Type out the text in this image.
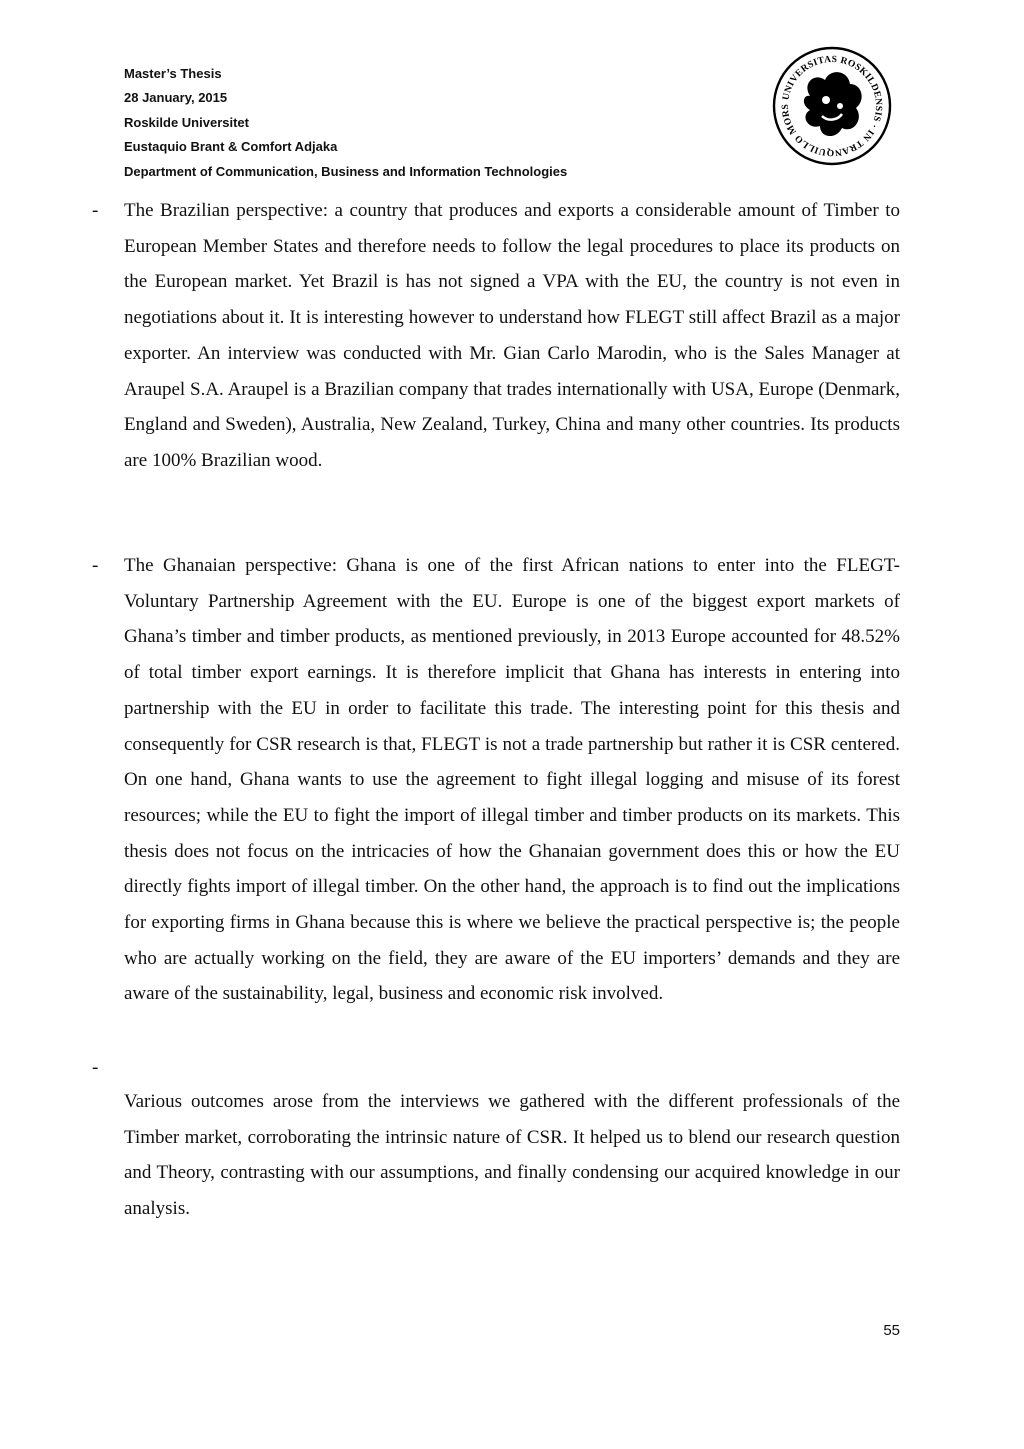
Master’s Thesis
28 January, 2015
Roskilde Universitet
Eustaquio Brant & Comfort Adjaka
Department of Communication, Business and Information Technologies
UNIVERSITAS ROSKILDENSIS · IN TRANQUILLO MORS
- The Brazilian perspective: a country that produces and exports a considerable amount of Timber to European Member States and therefore needs to follow the legal procedures to place its products on the European market. Yet Brazil is has not signed a VPA with the EU, the country is not even in negotiations about it. It is interesting however to understand how FLEGT still affect Brazil as a major exporter. An interview was conducted with Mr. Gian Carlo Marodin, who is the Sales Manager at Araupel S.A. Araupel is a Brazilian company that trades internationally with USA, Europe (Denmark, England and Sweden), Australia, New Zealand, Turkey, China and many other countries. Its products are 100% Brazilian wood.

- The Ghanaian perspective: Ghana is one of the first African nations to enter into the FLEGT-Voluntary Partnership Agreement with the EU. Europe is one of the biggest export markets of Ghana’s timber and timber products, as mentioned previously, in 2013 Europe accounted for 48.52% of total timber export earnings. It is therefore implicit that Ghana has interests in entering into partnership with the EU in order to facilitate this trade. The interesting point for this thesis and consequently for CSR research is that, FLEGT is not a trade partnership but rather it is CSR centered. On one hand, Ghana wants to use the agreement to fight illegal logging and misuse of its forest resources; while the EU to fight the import of illegal timber and timber products on its markets. This thesis does not focus on the intricacies of how the Ghanaian government does this or how the EU directly fights import of illegal timber. On the other hand, the approach is to find out the implications for exporting firms in Ghana because this is where we believe the practical perspective is; the people who are actually working on the field, they are aware of the EU importers’ demands and they are aware of the sustainability, legal, business and economic risk involved.

-

Various outcomes arose from the interviews we gathered with the different professionals of the Timber market, corroborating the intrinsic nature of CSR. It helped us to blend our research question and Theory, contrasting with our assumptions, and finally condensing our acquired knowledge in our analysis.

55
